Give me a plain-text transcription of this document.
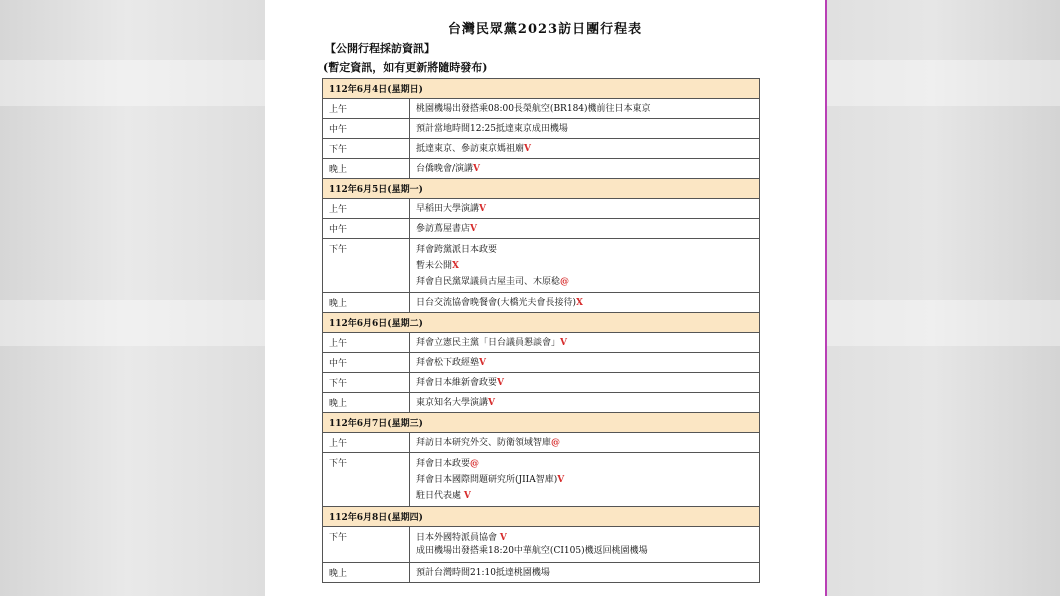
台灣民眾黨2023訪日團行程表
【公開行程採訪資訊】
(暫定資訊，如有更新將隨時發布)
112年6月4日(星期日)	
上午	桃園機場出發搭乘08:00長榮航空(BR184)機前往日本東京

中午	預計當地時間12:25抵達東京成田機場

下午	抵達東京、參訪東京媽祖廟V

晚上	台僑晚會/演講V

112年6月5日(星期一)	
上午	早稻田大學演講V

中午	參訪蔦屋書店V

下午	拜會跨黨派日本政要
暫未公開X
拜會自民黨眾議員古屋圭司、木原稔@

晚上	日台交流協會晚餐會(大橋光夫會長接待)X

112年6月6日(星期二)	
上午	拜會立憲民主黨「日台議員懇談會」V

中午	拜會松下政經塾V

下午	拜會日本維新會政要V

晚上	東京知名大學演講V

112年6月7日(星期三)	
上午	拜訪日本研究外交、防衛領域智庫@

下午	拜會日本政要@
拜會日本國際問題研究所(JIIA智庫)V
駐日代表處 V

112年6月8日(星期四)	
下午	日本外國特派員協會 V
成田機場出發搭乘18:20中華航空(CI105)機返回桃園機場

晚上	預計台灣時間21:10抵達桃園機場
